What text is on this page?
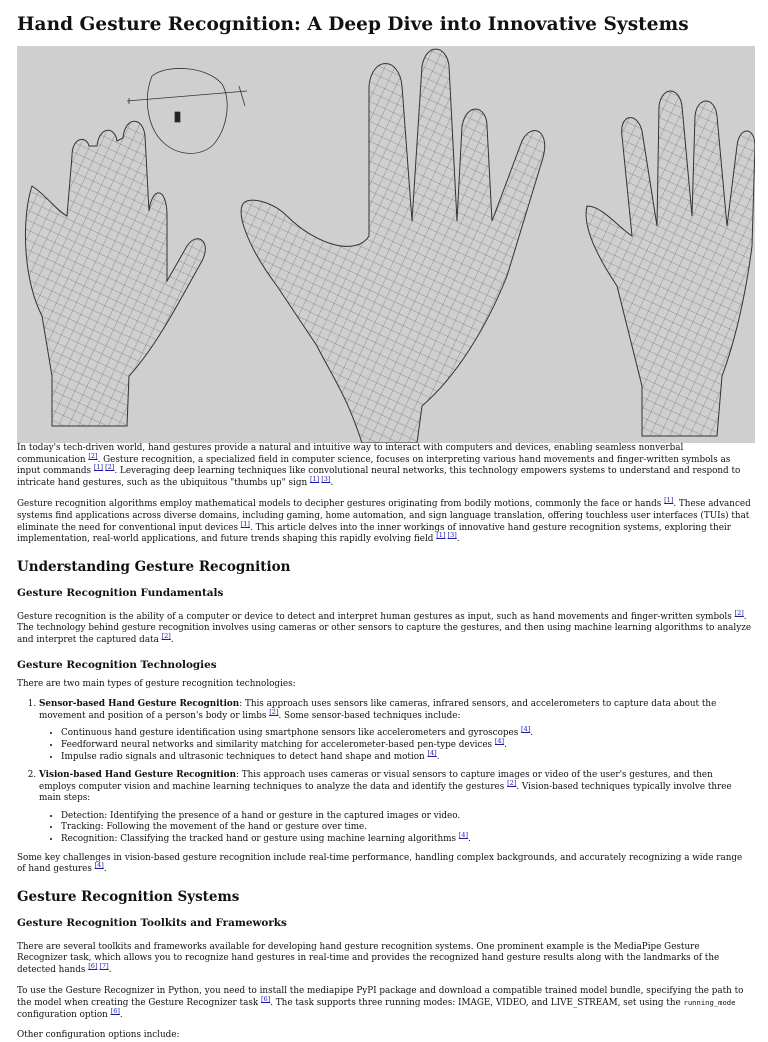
Hand Gesture Recognition: A Deep Dive into Innovative Systems

In today's tech-driven world, hand gestures provide a natural and intuitive way to interact with computers and devices, enabling seamless nonverbal communication [2]. Gesture recognition, a specialized field in computer science, focuses on interpreting various hand movements and finger-written symbols as input commands [1] [2]. Leveraging deep learning techniques like convolutional neural networks, this technology empowers systems to understand and respond to intricate hand gestures, such as the ubiquitous "thumbs up" sign [1] [3].

Gesture recognition algorithms employ mathematical models to decipher gestures originating from bodily motions, commonly the face or hands [1]. These advanced systems find applications across diverse domains, including gaming, home automation, and sign language translation, offering touchless user interfaces (TUIs) that eliminate the need for conventional input devices [1]. This article delves into the inner workings of innovative hand gesture recognition systems, exploring their implementation, real-world applications, and future trends shaping this rapidly evolving field [1] [3].

Understanding Gesture Recognition
Gesture Recognition Fundamentals

Gesture recognition is the ability of a computer or device to detect and interpret human gestures as input, such as hand movements and finger-written symbols [2]. The technology behind gesture recognition involves using cameras or other sensors to capture the gestures, and then using machine learning algorithms to analyze and interpret the captured data [2].

Gesture Recognition Technologies

There are two main types of gesture recognition technologies:

1. Sensor-based Hand Gesture Recognition: This approach uses sensors like cameras, infrared sensors, and accelerometers to capture data about the movement and position of a person's body or limbs [2]. Some sensor-based techniques include:
• Continuous hand gesture identification using smartphone sensors like accelerometers and gyroscopes [4].
• Feedforward neural networks and similarity matching for accelerometer-based pen-type devices [4].
• Impulse radio signals and ultrasonic techniques to detect hand shape and motion [4].
2. Vision-based Hand Gesture Recognition: This approach uses cameras or visual sensors to capture images or video of the user's gestures, and then employs computer vision and machine learning techniques to analyze the data and identify the gestures [2]. Vision-based techniques typically involve three main steps:
• Detection: Identifying the presence of a hand or gesture in the captured images or video.
• Tracking: Following the movement of the hand or gesture over time.
• Recognition: Classifying the tracked hand or gesture using machine learning algorithms [4].

Some key challenges in vision-based gesture recognition include real-time performance, handling complex backgrounds, and accurately recognizing a wide range of hand gestures [4].

Gesture Recognition Systems
Gesture Recognition Toolkits and Frameworks

There are several toolkits and frameworks available for developing hand gesture recognition systems. One prominent example is the MediaPipe Gesture Recognizer task, which allows you to recognize hand gestures in real-time and provides the recognized hand gesture results along with the landmarks of the detected hands [6] [7].

To use the Gesture Recognizer in Python, you need to install the mediapipe PyPI package and download a compatible trained model bundle, specifying the path to the model when creating the Gesture Recognizer task [6]. The task supports three running modes: IMAGE, VIDEO, and LIVE_STREAM, set using the running_mode configuration option [6].

Other configuration options include:
